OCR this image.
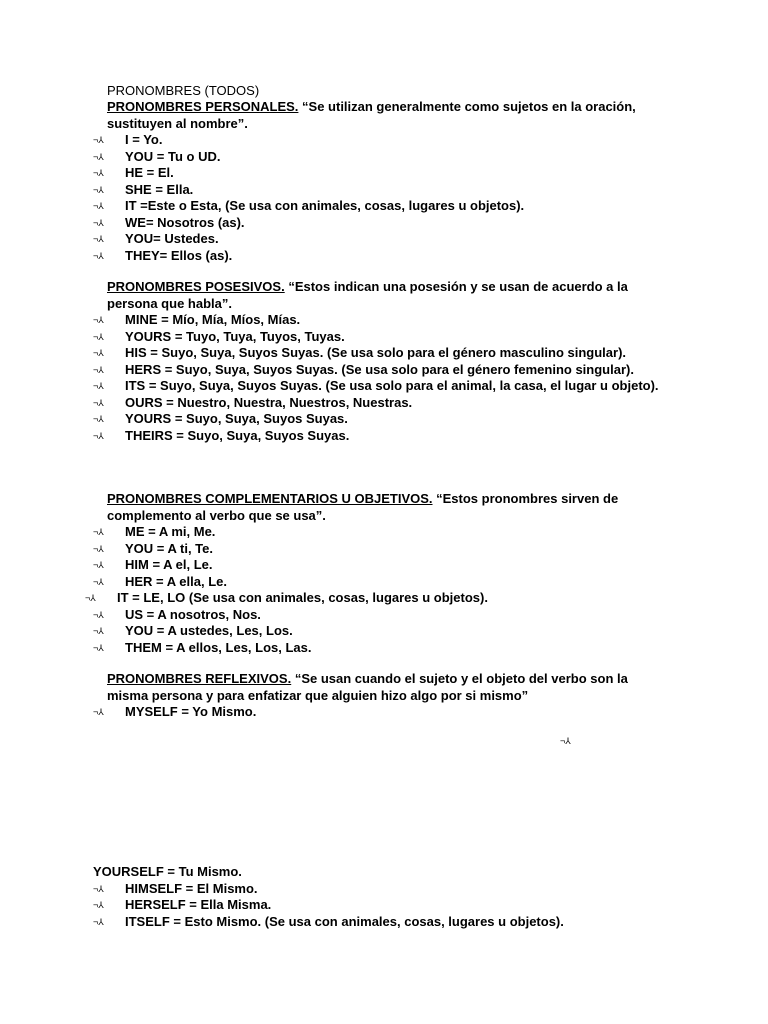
PRONOMBRES (TODOS)
PRONOMBRES PERSONALES. “Se utilizan generalmente como sujetos en la oración, sustituyen al nombre”.
¬⅄ I = Yo.
¬⅄ YOU = Tu o UD.
¬⅄ HE = El.
¬⅄ SHE = Ella.
¬⅄ IT =Este o Esta, (Se usa con animales, cosas, lugares u objetos).
¬⅄ WE= Nosotros (as).
¬⅄ YOU= Ustedes.
¬⅄ THEY= Ellos (as).
PRONOMBRES POSESIVOS. “Estos indican una posesión y se usan de acuerdo a la persona que habla”.
¬⅄ MINE = Mío, Mía, Míos, Mías.
¬⅄ YOURS = Tuyo, Tuya, Tuyos, Tuyas.
¬⅄ HIS = Suyo, Suya, Suyos Suyas. (Se usa solo para el género masculino singular).
¬⅄ HERS = Suyo, Suya, Suyos Suyas. (Se usa solo para el género femenino singular).
¬⅄ ITS = Suyo, Suya, Suyos Suyas. (Se usa solo para el animal, la casa, el lugar u objeto).
¬⅄ OURS = Nuestro, Nuestra, Nuestros, Nuestras.
¬⅄ YOURS = Suyo, Suya, Suyos Suyas.
¬⅄ THEIRS = Suyo, Suya, Suyos Suyas.
PRONOMBRES COMPLEMENTARIOS U OBJETIVOS. “Estos pronombres sirven de complemento al verbo que se usa”.
¬⅄ ME = A mi, Me.
¬⅄ YOU = A ti, Te.
¬⅄ HIM = A el, Le.
¬⅄ HER = A ella, Le.
¬⅄ IT = LE, LO (Se usa con animales, cosas, lugares u objetos).
¬⅄ US = A nosotros, Nos.
¬⅄ YOU = A ustedes, Les, Los.
¬⅄ THEM = A ellos, Les, Los, Las.
PRONOMBRES REFLEXIVOS. “Se usan cuando el sujeto y el objeto del verbo son la misma persona y para enfatizar que alguien hizo algo por si mismo”
¬⅄ MYSELF = Yo Mismo.
¬⅄
YOURSELF = Tu Mismo.
¬⅄ HIMSELF = El Mismo.
¬⅄ HERSELF = Ella Misma.
¬⅄ ITSELF = Esto Mismo. (Se usa con animales, cosas, lugares u objetos).
